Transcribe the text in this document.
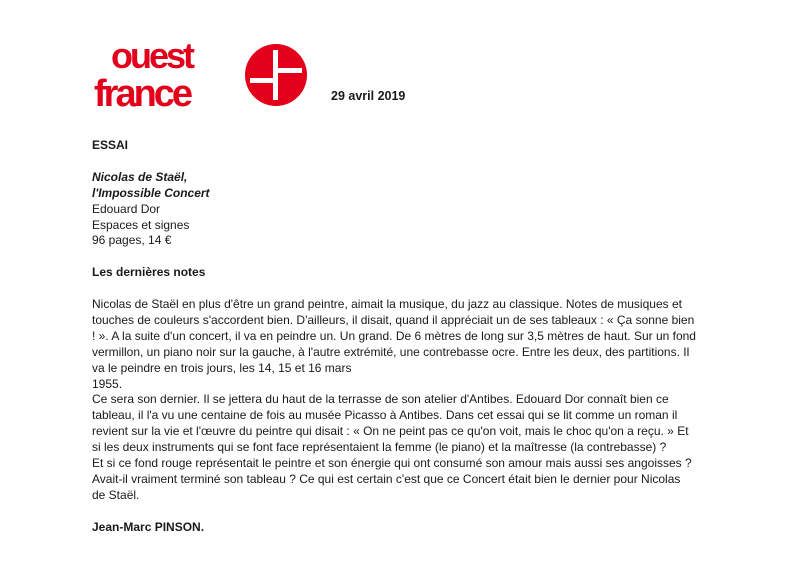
ouest
france	29 avril 2019

ESSAI

Nicolas de Staël,

l'Impossible Concert

Edouard Dor

Espaces et signes

96 pages, 14 €

Les dernières notes

Nicolas de Staël en plus d'être un grand peintre, aimait la musique, du jazz au classique. Notes de musiques et

touches de couleurs s'accordent bien. D'ailleurs, il disait, quand il appréciait un de ses tableaux : « Ça sonne bien

! ». A la suite d'un concert, il va en peindre un. Un grand. De 6 mètres de long sur 3,5 mètres de haut. Sur un fond

vermillon, un piano noir sur la gauche, à l'autre extrémité, une contrebasse ocre. Entre les deux, des partitions. Il

va le peindre en trois jours, les 14, 15 et 16 mars

1955.

Ce sera son dernier. Il se jettera du haut de la terrasse de son atelier d'Antibes. Edouard Dor connaît bien ce

tableau, il l'a vu une centaine de fois au musée Picasso à Antibes. Dans cet essai qui se lit comme un roman il

revient sur la vie et l'œuvre du peintre qui disait : « On ne peint pas ce qu'on voit, mais le choc qu'on a reçu. » Et

si les deux instruments qui se font face représentaient la femme (le piano) et la maîtresse (la contrebasse) ?

Et si ce fond rouge représentait le peintre et son énergie qui ont consumé son amour mais aussi ses angoisses ?

Avait-il vraiment terminé son tableau ? Ce qui est certain c'est que ce Concert était bien le dernier pour Nicolas

de Staël.

Jean-Marc PINSON.
